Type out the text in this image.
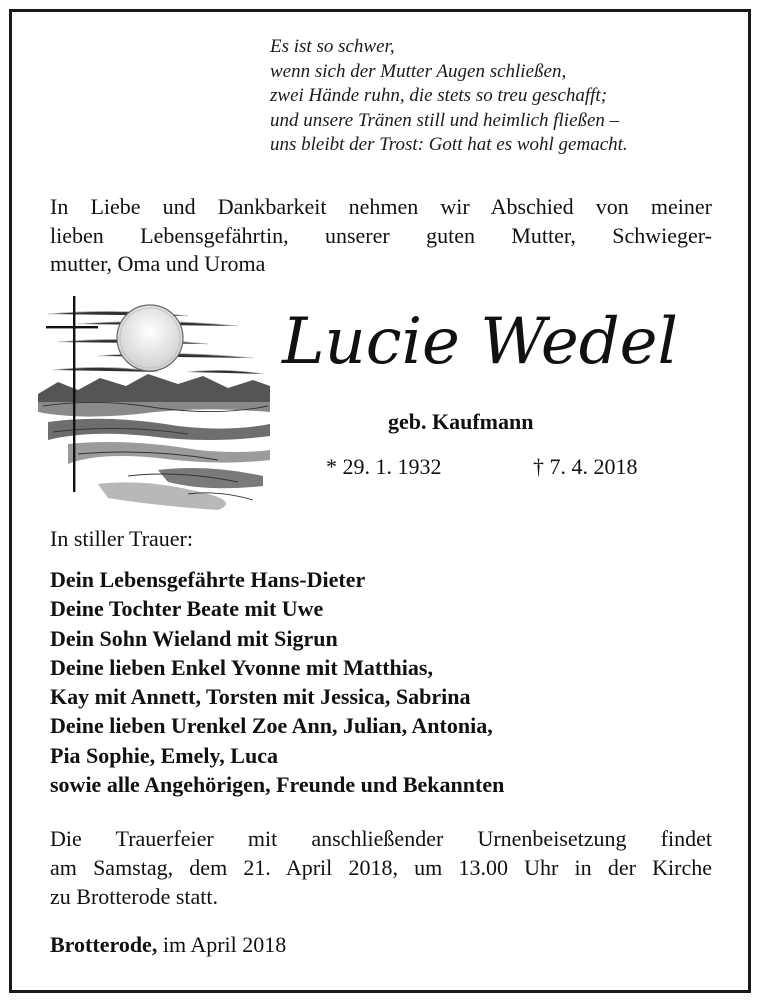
Es ist so schwer,
wenn sich der Mutter Augen schließen,
zwei Hände ruhn, die stets so treu geschafft;
und unsere Tränen still und heimlich fließen –
uns bleibt der Trost: Gott hat es wohl gemacht.
In Liebe und Dankbarkeit nehmen wir Abschied von meiner
lieben Lebensgefährtin, unserer guten Mutter, Schwieger-
mutter, Oma und Uroma
Lucie Wedel
geb. Kaufmann
* 29. 1. 1932	† 7. 4. 2018
In stiller Trauer:
Dein Lebensgefährte Hans-Dieter
Deine Tochter Beate mit Uwe
Dein Sohn Wieland mit Sigrun
Deine lieben Enkel Yvonne mit Matthias,
Kay mit Annett, Torsten mit Jessica, Sabrina
Deine lieben Urenkel Zoe Ann, Julian, Antonia,
Pia Sophie, Emely, Luca
sowie alle Angehörigen, Freunde und Bekannten
Die Trauerfeier mit anschließender Urnenbeisetzung findet
am Samstag, dem 21. April 2018, um 13.00 Uhr in der Kirche
zu Brotterode statt.
Brotterode, im April 2018
